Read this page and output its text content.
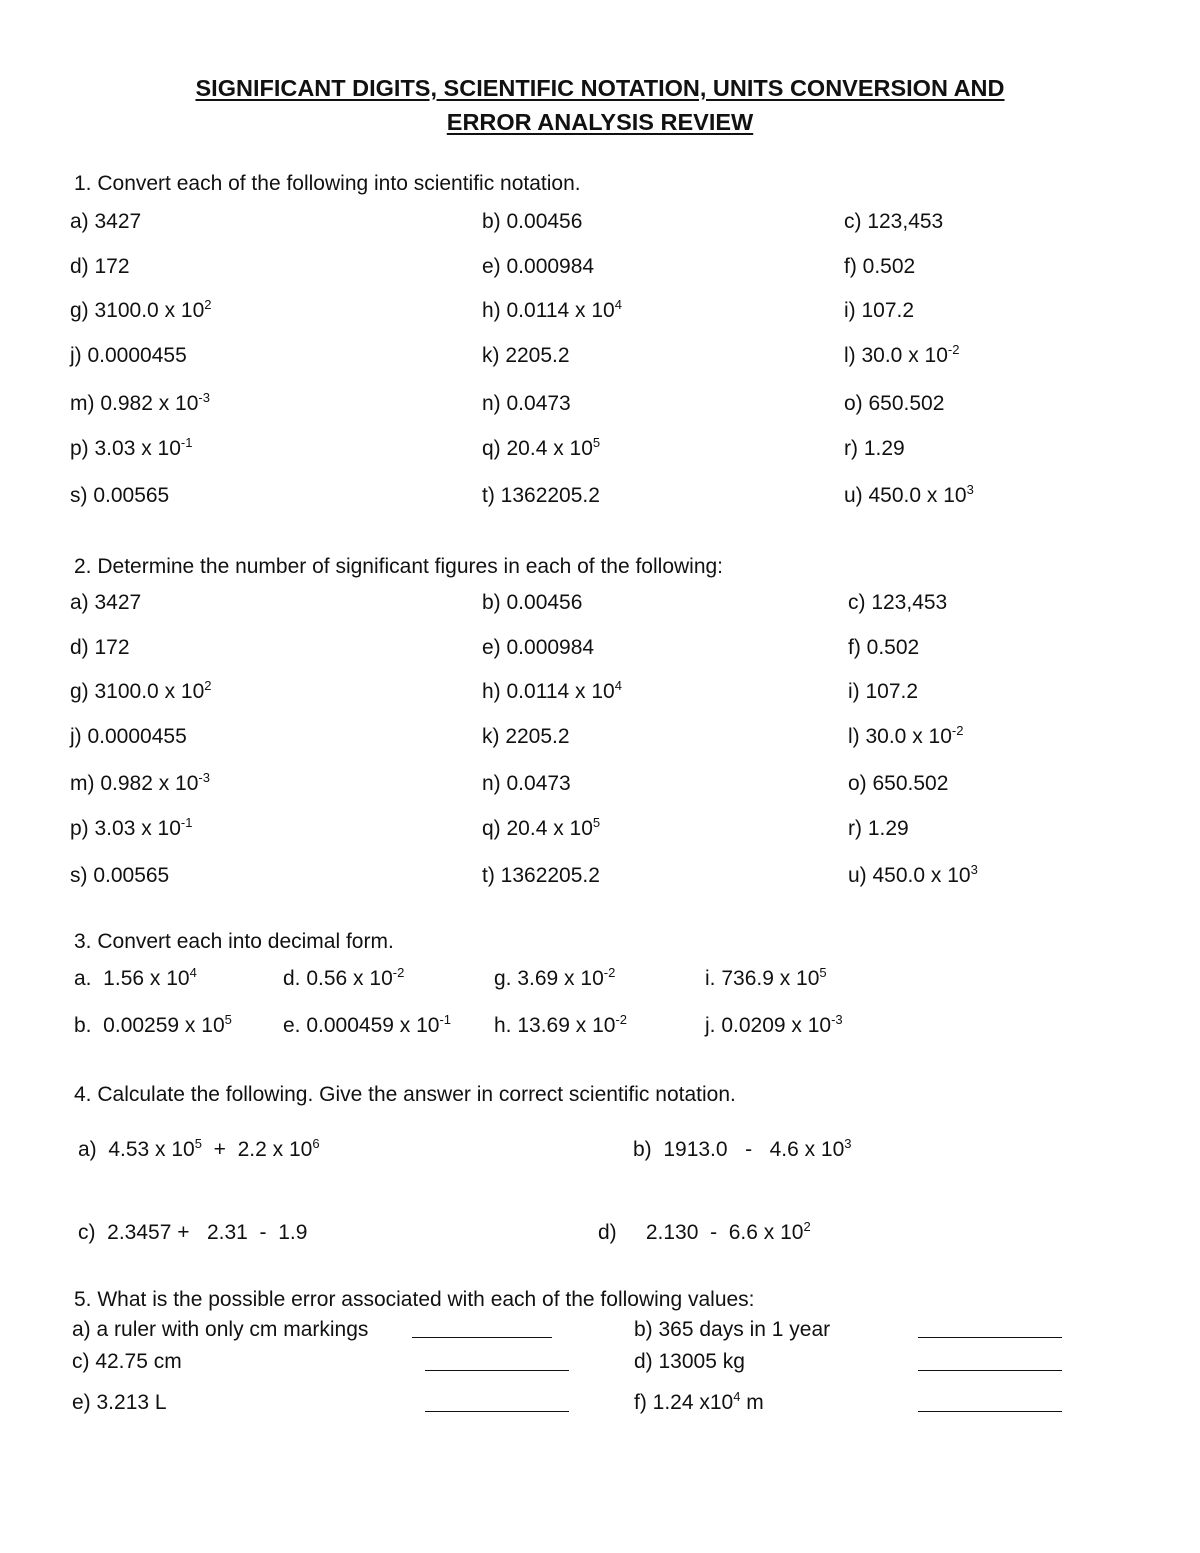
SIGNIFICANT DIGITS, SCIENTIFIC NOTATION, UNITS CONVERSION AND
ERROR ANALYSIS REVIEW
1. Convert each of the following into scientific notation.
a) 3427	b) 0.00456	c) 123,453
d) 172	e) 0.000984	f) 0.502
g) 3100.0 x $10^2$	h) 0.0114 x $10^4$	i) 107.2
j) 0.0000455	k) 2205.2	l) 30.0 x $10^{-2}$
m) 0.982 x $10^{-3}$	n) 0.0473	o) 650.502
p) 3.03 x $10^{-1}$	q) 20.4 x $10^5$	r) 1.29
s) 0.00565	t) 1362205.2	u) 450.0 x $10^3$
2. Determine the number of significant figures in each of the following:
a) 3427	b) 0.00456	c) 123,453
d) 172	e) 0.000984	f) 0.502
g) 3100.0 x $10^2$	h) 0.0114 x $10^4$	i) 107.2
j) 0.0000455	k) 2205.2	l) 30.0 x $10^{-2}$
m) 0.982 x $10^{-3}$	n) 0.0473	o) 650.502
p) 3.03 x $10^{-1}$	q) 20.4 x $10^5$	r) 1.29
s) 0.00565	t) 1362205.2	u) 450.0 x $10^3$
3. Convert each into decimal form.
a.  1.56 x $10^4$	d. 0.56 x $10^{-2}$	g. 3.69 x $10^{-2}$	i. 736.9 x $10^5$
b.  0.00259 x $10^5$ e. 0.000459 x $10^{-1}$ h. 13.69 x $10^{-2}$	j. 0.0209 x $10^{-3}$
4. Calculate the following. Give the answer in correct scientific notation.
a)  4.53 x $10^5 + 2.2$ x $10^6$	b)  1913.0   -   4.6 x $10^3$
c)  2.3457 +   2.31  -  1.9	d)     2.130  -  6.6 x $10^2$
5. What is the possible error associated with each of the following values:
a) a ruler with only cm markings	b) 365 days in 1 year
c) 42.75 cm	d) 13005 kg
e) 3.213 L	f) 1.24 $x10^4$ m
